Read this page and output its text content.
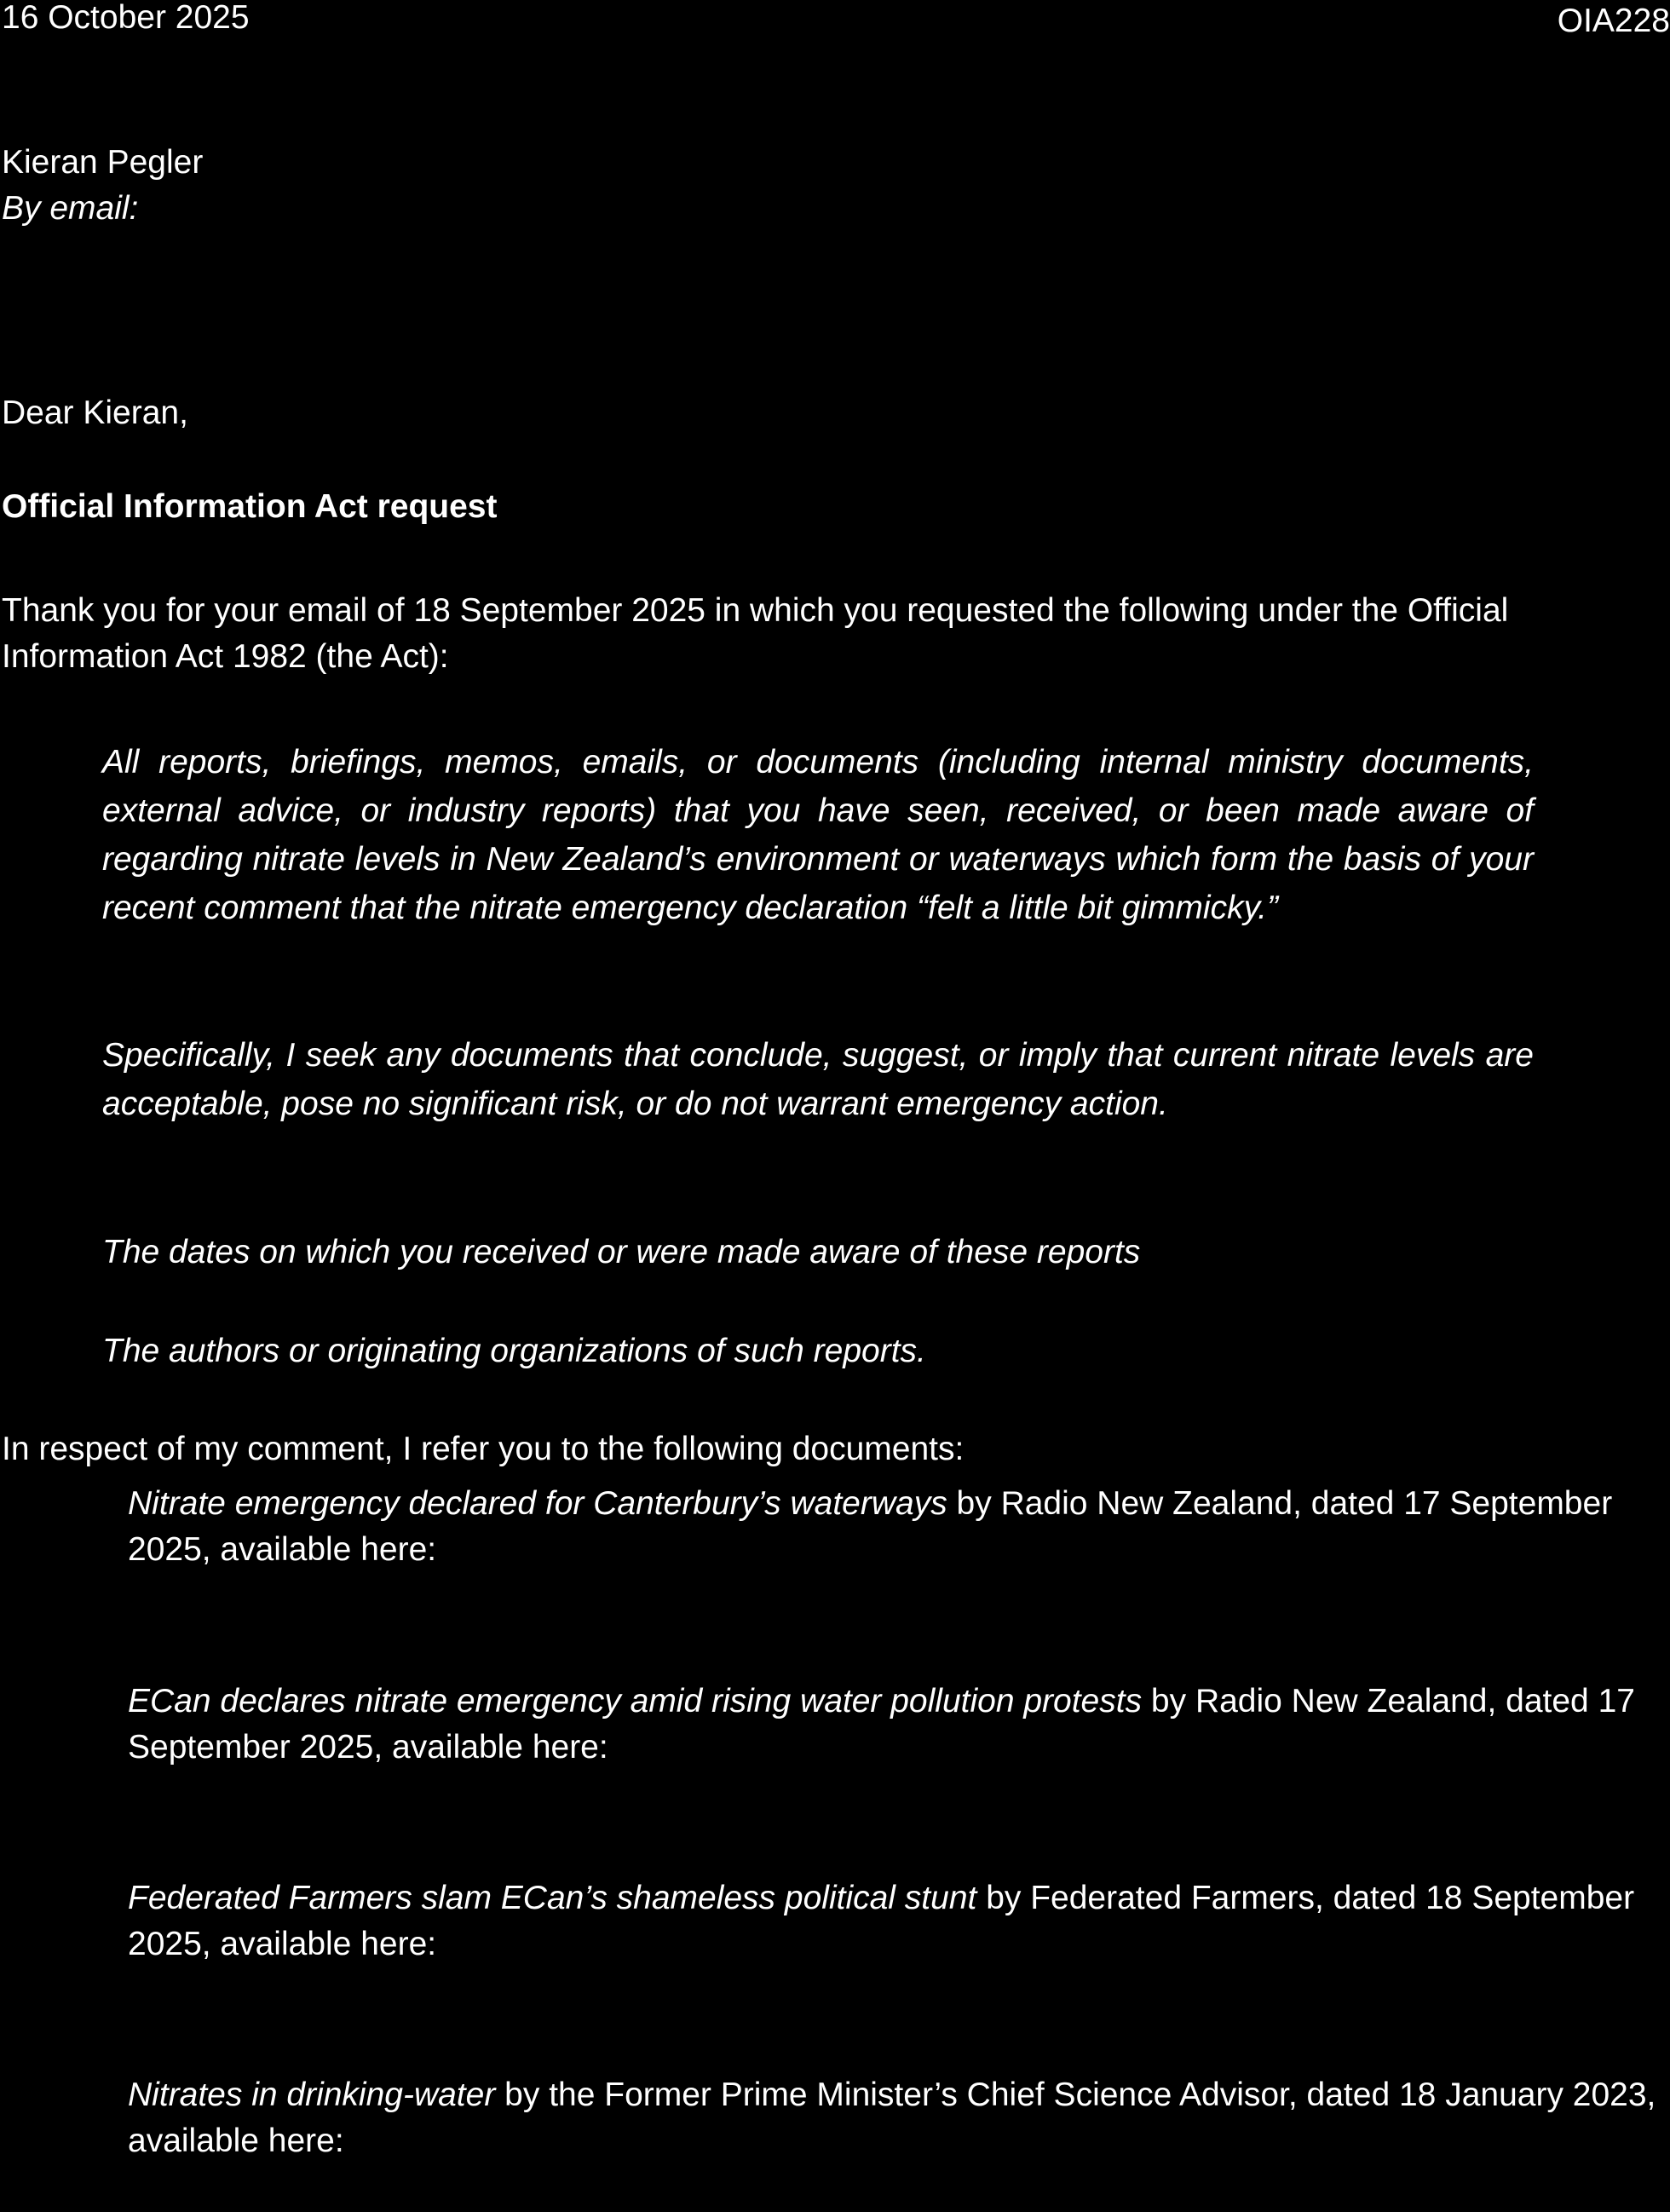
16 October 2025	OIA228
Kieran Pegler
By email:
Dear Kieran,
Official Information Act request
Thank you for your email of 18 September 2025 in which you requested the following under the Official Information Act 1982 (the Act):
All reports, briefings, memos, emails, or documents (including internal ministry documents, external advice, or industry reports) that you have seen, received, or been made aware of regarding nitrate levels in New Zealand’s environment or waterways which form the basis of your recent comment that the nitrate emergency declaration “felt a little bit gimmicky.”
Specifically, I seek any documents that conclude, suggest, or imply that current nitrate levels are acceptable, pose no significant risk, or do not warrant emergency action.
The dates on which you received or were made aware of these reports
The authors or originating organizations of such reports.
In respect of my comment, I refer you to the following documents:
Nitrate emergency declared for Canterbury’s waterways by Radio New Zealand, dated 17 September 2025, available here:
ECan declares nitrate emergency amid rising water pollution protests by Radio New Zealand, dated 17 September 2025, available here:
Federated Farmers slam ECan’s shameless political stunt by Federated Farmers, dated 18 September 2025, available here:
Nitrates in drinking-water by the Former Prime Minister’s Chief Science Advisor, dated 18 January 2023, available here:
